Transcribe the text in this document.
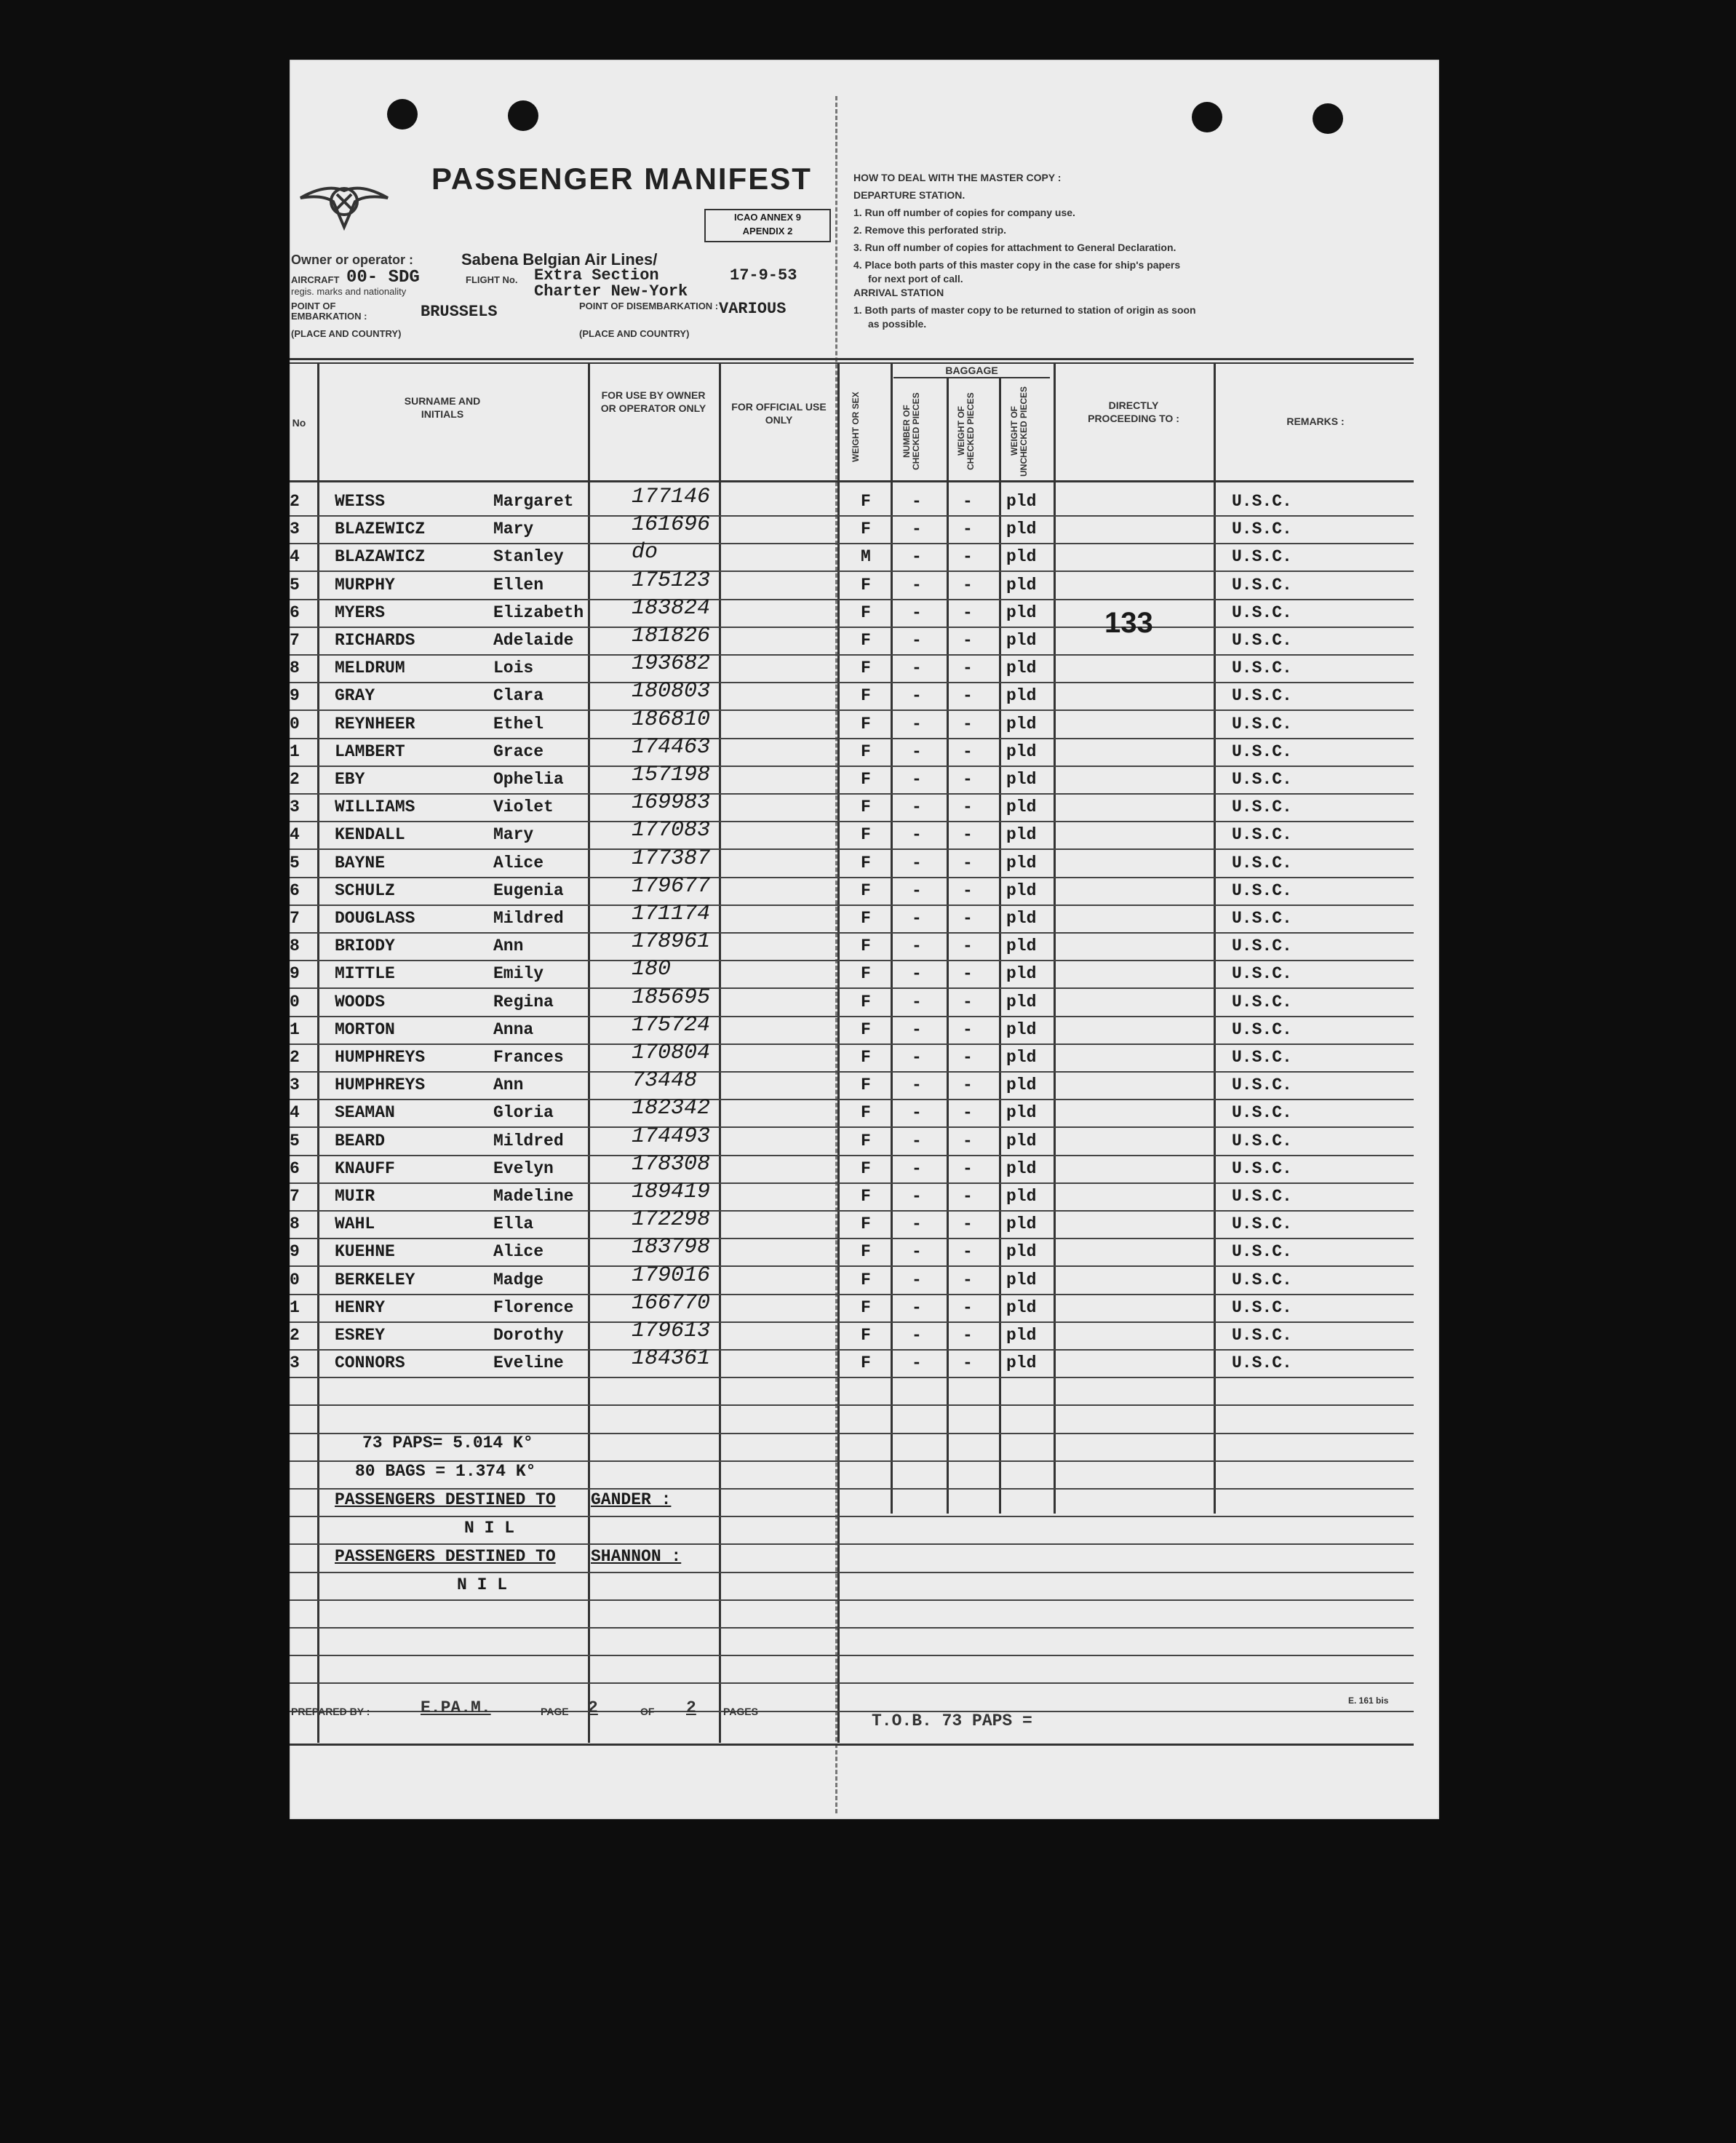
PASSENGER MANIFEST
ICAO ANNEX 9
APENDIX 2
Owner or operator :	Sabena Belgian Air Lines/
AIRCRAFT 00- SDG	FLIGHT No. Extra Section	17-9-53
regis. marks and nationality	Charter New-York
POINT OF EMBARKATION :	BRUSSELS
(PLACE AND COUNTRY)
POINT OF DISEMBARKATION : VARIOUS
(PLACE AND COUNTRY)
HOW TO DEAL WITH THE MASTER COPY :
DEPARTURE STATION.
1. Run off number of copies for company use.
2. Remove this perforated strip.
3. Run off number of copies for attachment to General Declaration.
4. Place both parts of this master copy in the case for ship's papers
for next port of call.
ARRIVAL STATION
1. Both parts of master copy to be returned to station of origin as soon
as possible.
No
SURNAME AND INITIALS
FOR USE BY OWNER OR OPERATOR ONLY	FOR OFFICIAL USE ONLY	WEIGHT OR SEX
BAGGAGE
NUMBER OF CHECKED PIECES	WEIGHT OF CHECKED PIECES	WEIGHT OF UNCHECKED PIECES	DIRECTLY PROCEEDING TO :	REMARKS :
2 WEISS	Margaret	177146	F - - pld	U.S.C.
3 BLAZEWICZ	Mary	161696	F - - pld	U.S.C.
4 BLAZAWICZ	Stanley	do	M - - pld	U.S.C.
5 MURPHY	Ellen	175123	F - - pld	U.S.C.
6 MYERS	Elizabeth 183824	F - - pld	U.S.C.
7 RICHARDS	Adelaide	181826	F - - pld	U.S.C.
8 MELDRUM	Lois	193682	F - - pld	U.S.C.
9 GRAY	Clara	180803	F - - pld	U.S.C.
0 REYNHEER	Ethel	186810	F - - pld	U.S.C.
1 LAMBERT	Grace	174463	F - - pld	U.S.C.
2 EBY	Ophelia	157198	F - - pld	U.S.C.
3 WILLIAMS	Violet	169983	F - - pld	U.S.C.
4 KENDALL	Mary	177083	F - - pld	U.S.C.
5 BAYNE	Alice	177387	F - - pld	U.S.C.
6 SCHULZ	Eugenia	179677	F - - pld	U.S.C.
7 DOUGLASS	Mildred	171174	F - - pld	U.S.C.
8 BRIODY	Ann	178961	F - - pld	U.S.C.
9 MITTLE	Emily	180	F - - pld	U.S.C.
0 WOODS	Regina	185695	F - - pld	U.S.C.
1 MORTON	Anna	175724	F - - pld	U.S.C.
2 HUMPHREYS	Frances	170804	F - - pld	U.S.C.
3 HUMPHREYS	Ann	73448	F - - pld	U.S.C.
4 SEAMAN	Gloria	182342	F - - pld	U.S.C.
5 BEARD	Mildred	174493	F - - pld	U.S.C.
6 KNAUFF	Evelyn	178308	F - - pld	U.S.C.
7 MUIR	Madeline	189419	F - - pld	U.S.C.
8 WAHL	Ella	172298	F - - pld	U.S.C.
9 KUEHNE	Alice	183798	F - - pld	U.S.C.
0 BERKELEY	Madge	179016	F - - pld	U.S.C.
1 HENRY	Florence	166770	F - - pld	U.S.C.
2 ESREY	Dorothy	179613	F - - pld	U.S.C.
3 CONNORS	Eveline	184361	F - - pld	U.S.C.
133
73 PAPS= 5.014 K°
80 BAGS = 1.374 K°
PASSENGERS DESTINED TO GANDER :
N I L
PASSENGERS DESTINED TO SHANNON :
N I L
PREPARED BY :	E.PA.M.	PAGE 2	OF 2	PAGES	T.O.B. 73 PAPS =
E. 161 bis
